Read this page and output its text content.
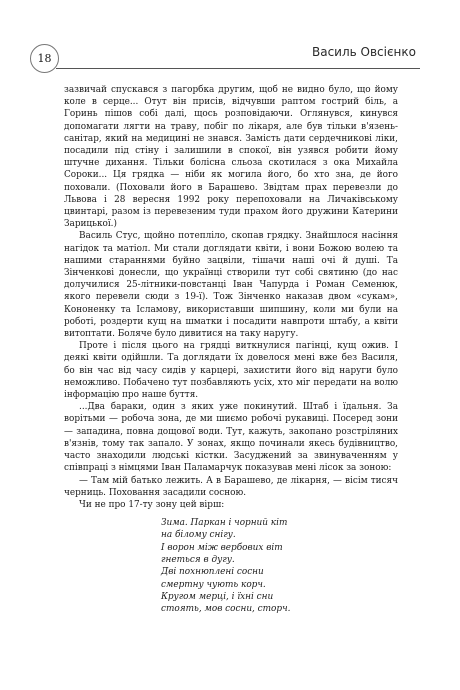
18	Василь Овсієнко

зазвичай спускався з пагорбка другим, щоб не видно було, що йому коле в серце... Отут він присів, відчувши раптом гострий біль, а Горинь пішов собі далі, щось розповідаючи. Оглянувся, кинувся допомагати лягти на траву, побіг по лікаря, але був тільки в'язень-санітар, який на медицині не знався. Замість дати сердечникові ліки, посадили під стіну і залишили в спокої, він узявся робити йому штучне дихання. Тільки болісна сльоза скотилася з ока Михайла Сороки... Ця грядка — ніби як могила його, бо хто зна, де його поховали. (Поховали його в Барашево. Звідтам прах перевезли до Львова і 28 вересня 1992 року перепоховали на Личаківському цвинтарі, разом із перевезеним туди прахом його дружини Катерини Зарицької.)

Василь Стус, щойно потепліло, скопав грядку. Знайшлося насіння нагідок та матіол. Ми стали доглядати квіти, і вони Божою волею та нашими стараннями буйно зацвіли, тішачи наші очі й душі. Та Зінченкові донесли, що українці створили тут собі святиню (до нас долучилися 25-літники-повстанці Іван Чапурда і Роман Семенюк, якого перевели сюди з 19-ї). Тож Зінченко наказав двом «сукам», Кононенку та Ісламову, використавши шипшину, коли ми були на роботі, роздерти кущ на шматки і посадити навпроти штабу, а квіти витоптати. Боляче було дивитися на таку наругу.

Проте і після цього на грядці виткнулися пагінці, кущ ожив. І деякі квіти одійшли. Та доглядати їх довелося мені вже без Василя, бо він час від часу сидів у карцері, захистити його від наруги було неможливо. Побачено тут позбавляють усіх, хто міг передати на волю інформацію про наше буття.

...Два бараки, один з яких уже покинутий. Штаб і їдальня. За ворітьми — робоча зона, де ми шиємо робочі рукавиці. Посеред зони — западина, повна дощової води. Тут, кажуть, закопано розстріляних в'язнів, тому так запало. У зонах, якщо починали якесь будівництво, часто знаходили людські кістки. Засуджений за звинуваченням у співпраці з німцями Іван Паламарчук показував мені лісок за зоною:

— Там мій батько лежить. А в Барашево, де лікарня, — вісім тисяч черниць. Поховання засадили сосною.

Чи не про 17-ту зону цей вірш:

Зима. Паркан і чорний кіт
на білому снігу.
І ворон між вербових віт
гнеться в дугу.
Дві похнюплені сосни
смертну чують корч.
Кругом мерці, і їхні сни
стоять, мов сосни, сторч.
